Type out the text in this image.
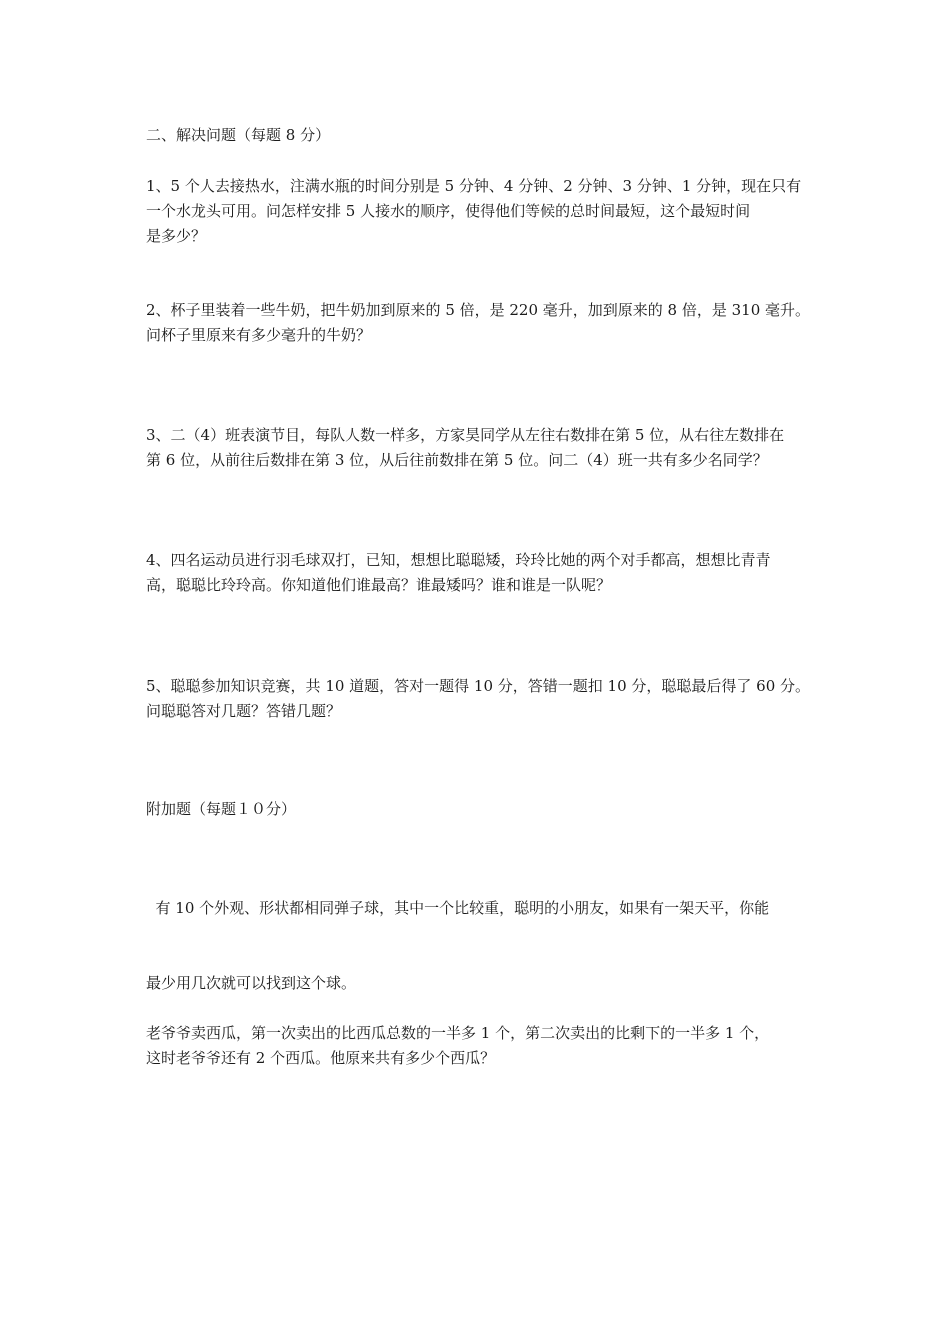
二、解决问题（每题 8 分）

1、5 个人去接热水，注满水瓶的时间分别是 5 分钟、4 分钟、2 分钟、3 分钟、1 分钟，现在只有

一个水龙头可用。问怎样安排 5 人接水的顺序，使得他们等候的总时间最短，这个最短时间

是多少？

2、杯子里装着一些牛奶，把牛奶加到原来的 5 倍，是 220 毫升，加到原来的 8 倍，是 310 毫升。

问杯子里原来有多少毫升的牛奶？

3、二（4）班表演节目，每队人数一样多，方家昊同学从左往右数排在第 5 位，从右往左数排在

第 6 位，从前往后数排在第 3 位，从后往前数排在第 5 位。问二（4）班一共有多少名同学？

4、四名运动员进行羽毛球双打，已知，想想比聪聪矮，玲玲比她的两个对手都高，想想比青青

高，聪聪比玲玲高。你知道他们谁最高？谁最矮吗？谁和谁是一队呢？

5、聪聪参加知识竞赛，共 10 道题，答对一题得 10 分，答错一题扣 10 分，聪聪最后得了 60 分。

问聪聪答对几题？答错几题？

附加题（每题１０分）

有 10 个外观、形状都相同弹子球，其中一个比较重，聪明的小朋友，如果有一架天平，你能

最少用几次就可以找到这个球。

老爷爷卖西瓜，第一次卖出的比西瓜总数的一半多 1 个，第二次卖出的比剩下的一半多 1 个，

这时老爷爷还有 2 个西瓜。他原来共有多少个西瓜？
